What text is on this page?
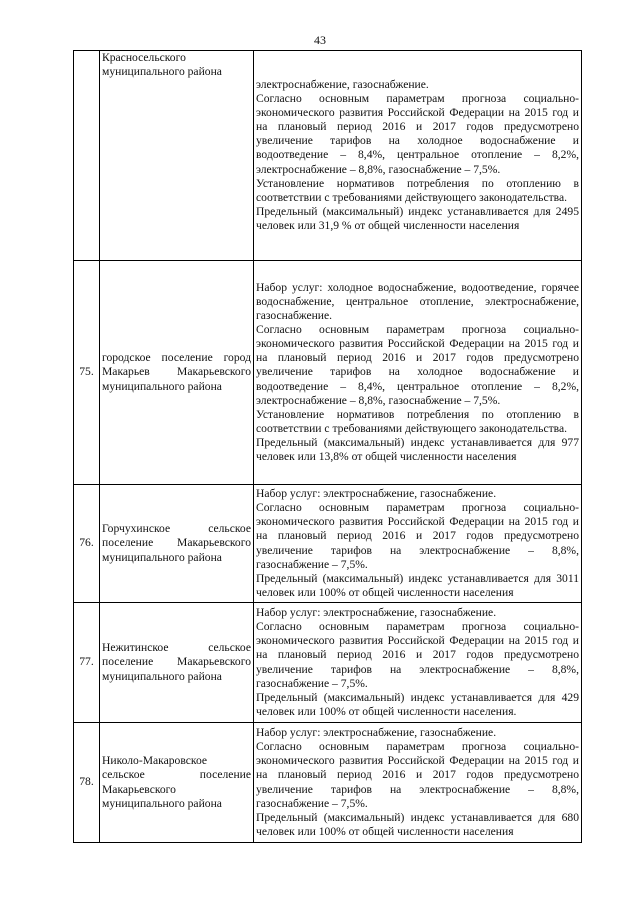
43

	Красносельского муниципального района	электроснабжение, газоснабжение.

Согласно основным параметрам прогноза социально-экономического развития Российской Федерации на 2015 год и на плановый период 2016 и 2017 годов предусмотрено увеличение тарифов на холодное водоснабжение и водоотведение – 8,4%, центральное отопление – 8,2%, электроснабжение – 8,8%, газоснабжение – 7,5%.

Установление нормативов потребления по отоплению в соответствии с требованиями действующего законодательства.

Предельный (максимальный) индекс устанавливается для 2495 человек или 31,9 % от общей численности населения

75.	городское поселение город Макарьев Макарьевского муниципального района	Набор услуг: холодное водоснабжение, водоотведение, горячее водоснабжение, центральное отопление, электроснабжение, газоснабжение.

Согласно основным параметрам прогноза социально-экономического развития Российской Федерации на 2015 год и на плановый период 2016 и 2017 годов предусмотрено увеличение тарифов на холодное водоснабжение и водоотведение – 8,4%, центральное отопление – 8,2%, электроснабжение – 8,8%, газоснабжение – 7,5%.

Установление нормативов потребления по отоплению в соответствии с требованиями действующего законодательства.

Предельный (максимальный) индекс устанавливается для 977 человек или 13,8% от общей численности населения

76.	Горчухинское сельское поселение Макарьевского муниципального района	Набор услуг: электроснабжение, газоснабжение.

Согласно основным параметрам прогноза социально-экономического развития Российской Федерации на 2015 год и на плановый период 2016 и 2017 годов предусмотрено увеличение тарифов на электроснабжение – 8,8%, газоснабжение – 7,5%.

Предельный (максимальный) индекс устанавливается для 3011 человек или 100% от общей численности населения

77.	Нежитинское сельское поселение Макарьевского муниципального района	Набор услуг: электроснабжение, газоснабжение.

Согласно основным параметрам прогноза социально-экономического развития Российской Федерации на 2015 год и на плановый период 2016 и 2017 годов предусмотрено увеличение тарифов на электроснабжение – 8,8%, газоснабжение – 7,5%.

Предельный (максимальный) индекс устанавливается для 429 человек или 100% от общей численности населения.

78.	Николо-Макаровское сельское поселение Макарьевского муниципального района	Набор услуг: электроснабжение, газоснабжение.

Согласно основным параметрам прогноза социально-экономического развития Российской Федерации на 2015 год и на плановый период 2016 и 2017 годов предусмотрено увеличение тарифов на электроснабжение – 8,8%, газоснабжение – 7,5%.

Предельный (максимальный) индекс устанавливается для 680 человек или 100% от общей численности населения
